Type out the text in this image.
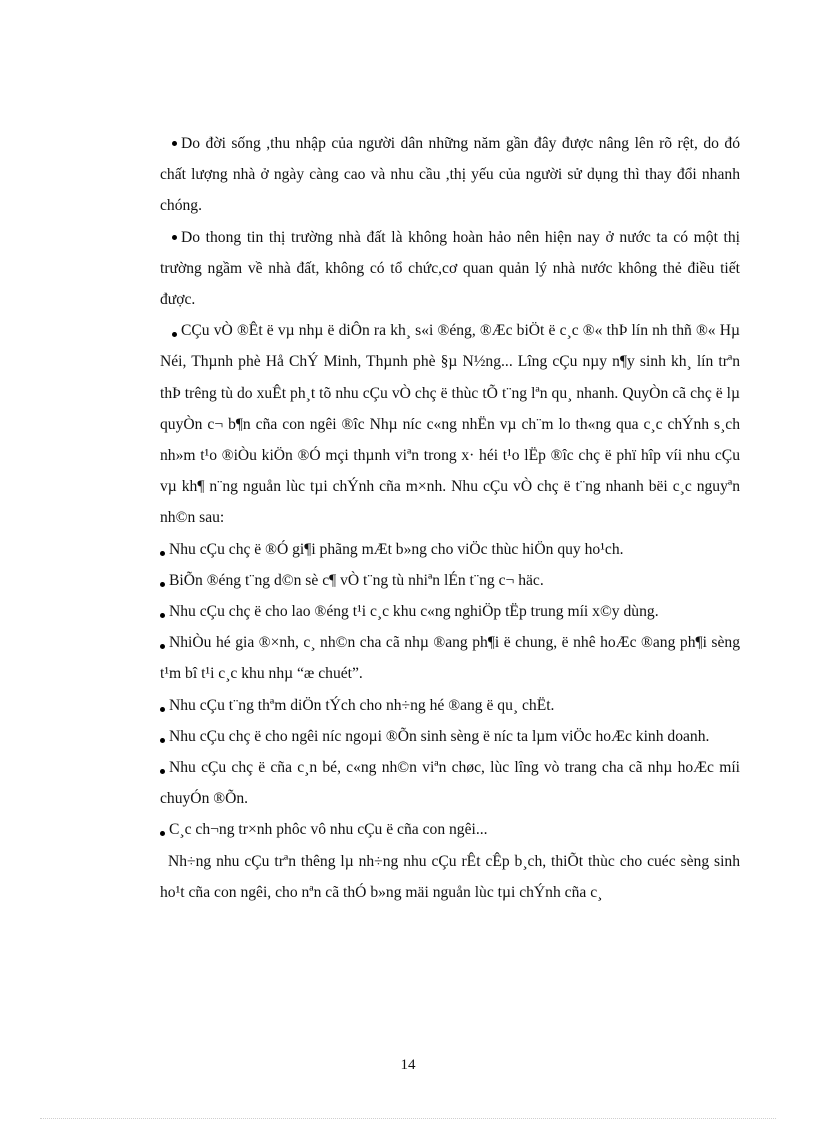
Do đời sống ,thu nhập của người dân những năm gần đây được nâng lên rõ rệt, do đó chất lượng nhà ở ngày càng cao và nhu cầu ,thị yếu của người sử dụng thì thay đổi nhanh chóng.

Do thong tin thị trường nhà đất là không hoàn hảo nên hiện nay ở nước ta có một thị trường ngầm về nhà đất, không có tổ chức,cơ quan quản lý nhà nước không thẻ điều tiết được.

CÇu vÒ ®Êt ë vµ nhµ ë diÔn ra kh¸ s«i ®éng, ®Æc biÖt ë c¸c ®« thÞ lín nh thñ ®« Hµ Néi, Thµnh phè Hå ChÝ Minh, Thµnh phè §µ N½ng... Lîng cÇu nµy n¶y sinh kh¸ lín trªn thÞ trêng tù do xuÊt ph¸t tõ nhu cÇu vÒ chç ë thùc tÕ t¨ng lªn qu¸ nhanh. QuyÒn cã chç ë lµ quyÒn c¬ b¶n cña con ngêi ®îc Nhµ níc c«ng nhËn vµ ch¨m lo th«ng qua c¸c chÝnh s¸ch nh»m t¹o ®iÒu kiÖn ®Ó mçi thµnh viªn trong x· héi t¹o lËp ®îc chç ë phï hîp víi nhu cÇu vµ kh¶ n¨ng nguån lùc tµi chÝnh cña m×nh. Nhu cÇu vÒ chç ë t¨ng nhanh bëi c¸c nguyªn nh©n sau:

Nhu cÇu chç ë ®Ó gi¶i phãng mÆt b»ng cho viÖc thùc hiÖn quy ho¹ch.

BiÕn ®éng t¨ng d©n sè c¶ vÒ t¨ng tù nhiªn lÉn t¨ng c¬ häc.

Nhu cÇu chç ë cho lao ®éng t¹i c¸c khu c«ng nghiÖp tËp trung míi x©y dùng.

NhiÒu hé gia ®×nh, c¸ nh©n cha cã nhµ ®ang ph¶i ë chung, ë nhê hoÆc ®ang ph¶i sèng t¹m bî t¹i c¸c khu nhµ “æ chuét”.

Nhu cÇu t¨ng thªm diÖn tÝch cho nh÷ng hé ®ang ë qu¸ chËt.

Nhu cÇu chç ë cho ngêi níc ngoµi ®Õn sinh sèng ë níc ta lµm viÖc hoÆc kinh doanh.

Nhu cÇu chç ë cña c¸n bé, c«ng nh©n viªn chøc, lùc lîng vò trang cha cã nhµ hoÆc míi chuyÓn ®Õn.

C¸c ch¬ng tr×nh phôc vô nhu cÇu ë cña con ngêi...

Nh÷ng nhu cÇu trªn thêng lµ nh÷ng nhu cÇu rÊt cÊp b¸ch, thiÕt thùc cho cuéc sèng sinh ho¹t cña con ngêi, cho nªn cã thÓ b»ng mäi nguån lùc tµi chÝnh cña c¸

14
